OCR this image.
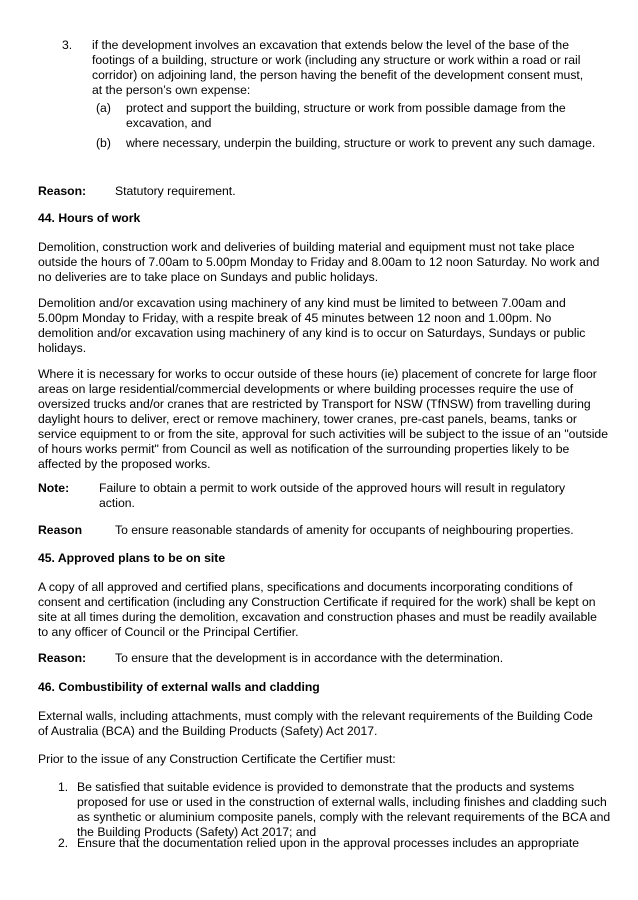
3. if the development involves an excavation that extends below the level of the base of the footings of a building, structure or work (including any structure or work within a road or rail corridor) on adjoining land, the person having the benefit of the development consent must, at the person’s own expense:

(a) protect and support the building, structure or work from possible damage from the excavation, and

(b) where necessary, underpin the building, structure or work to prevent any such damage.

Reason: Statutory requirement.
44. Hours of work

Demolition, construction work and deliveries of building material and equipment must not take place outside the hours of 7.00am to 5.00pm Monday to Friday and 8.00am to 12 noon Saturday. No work and no deliveries are to take place on Sundays and public holidays.

Demolition and/or excavation using machinery of any kind must be limited to between 7.00am and 5.00pm Monday to Friday, with a respite break of 45 minutes between 12 noon and 1.00pm. No demolition and/or excavation using machinery of any kind is to occur on Saturdays, Sundays or public holidays.

Where it is necessary for works to occur outside of these hours (ie) placement of concrete for large floor areas on large residential/commercial developments or where building processes require the use of oversized trucks and/or cranes that are restricted by Transport for NSW (TfNSW) from travelling during daylight hours to deliver, erect or remove machinery, tower cranes, pre-cast panels, beams, tanks or service equipment to or from the site, approval for such activities will be subject to the issue of an "outside of hours works permit" from Council as well as notification of the surrounding properties likely to be affected by the proposed works.

Note: Failure to obtain a permit to work outside of the approved hours will result in regulatory action.

Reason	To ensure reasonable standards of amenity for occupants of neighbouring properties.
45. Approved plans to be on site

A copy of all approved and certified plans, specifications and documents incorporating conditions of consent and certification (including any Construction Certificate if required for the work) shall be kept on site at all times during the demolition, excavation and construction phases and must be readily available to any officer of Council or the Principal Certifier.

Reason: To ensure that the development is in accordance with the determination.
46. Combustibility of external walls and cladding

External walls, including attachments, must comply with the relevant requirements of the Building Code of Australia (BCA) and the Building Products (Safety) Act 2017.

Prior to the issue of any Construction Certificate the Certifier must:

1. Be satisfied that suitable evidence is provided to demonstrate that the products and systems proposed for use or used in the construction of external walls, including finishes and cladding such as synthetic or aluminium composite panels, comply with the relevant requirements of the BCA and the Building Products (Safety) Act 2017; and

2. Ensure that the documentation relied upon in the approval processes includes an appropriate
